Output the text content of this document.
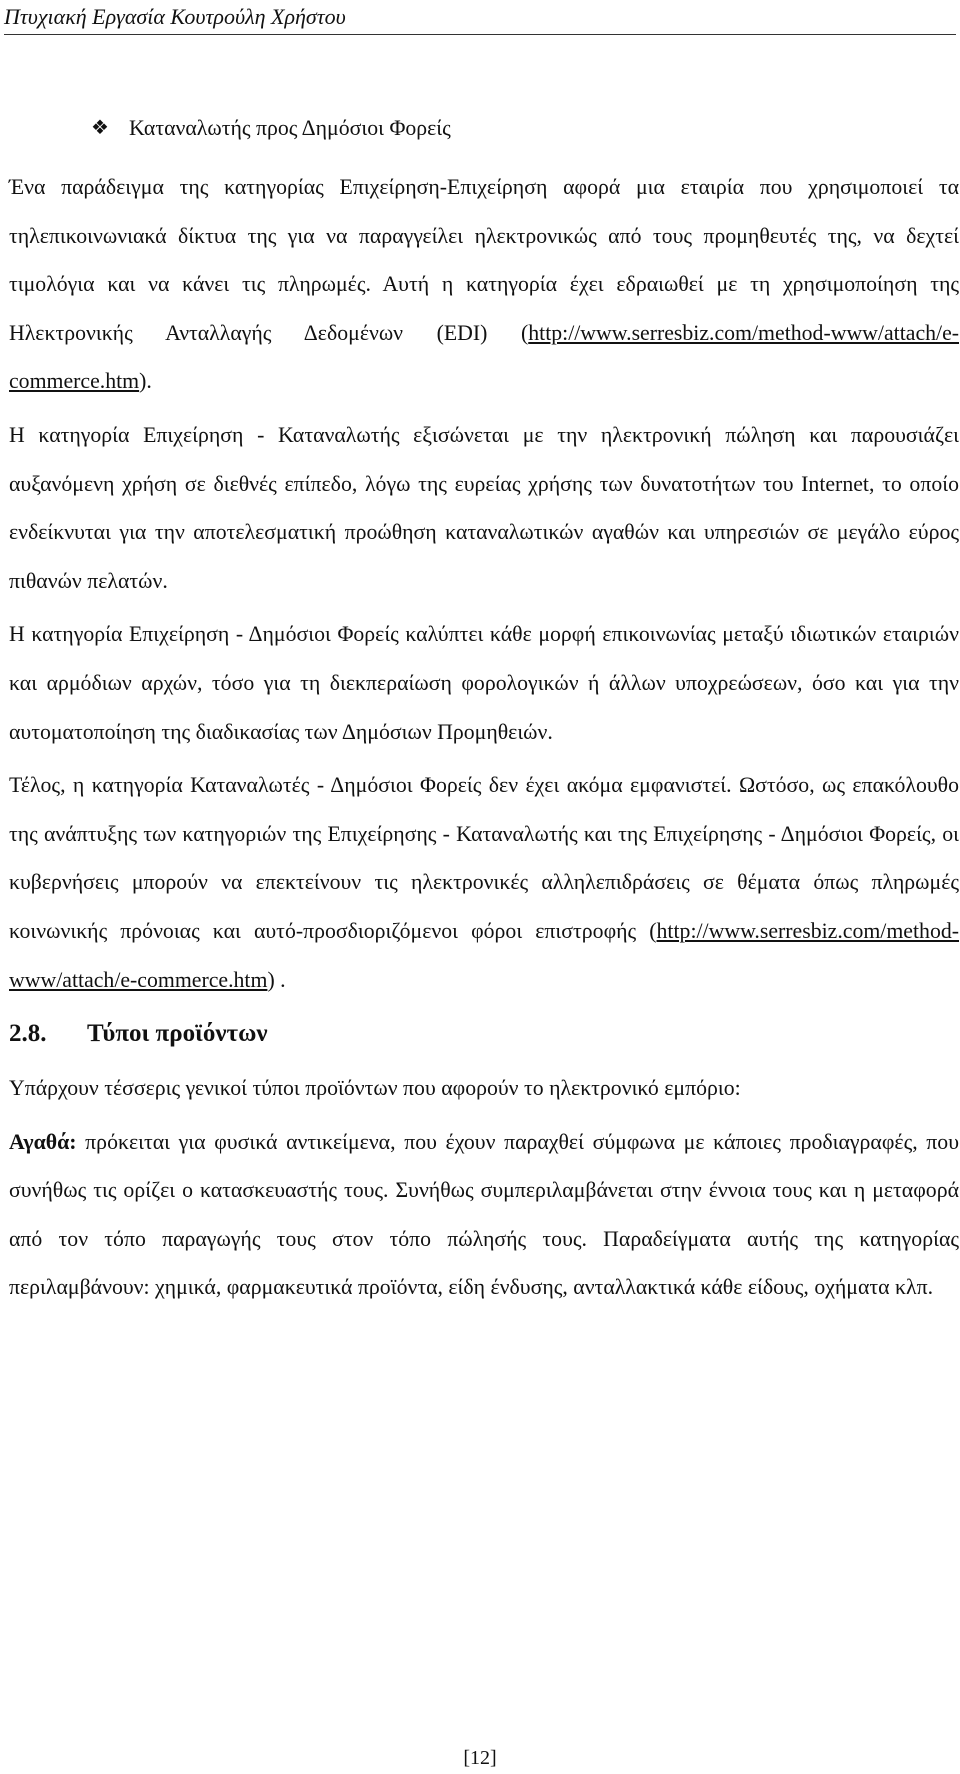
Πτυχιακή Εργασία Κουτρούλη Χρήστου
❖ Καταναλωτής προς Δημόσιοι Φορείς

Ένα παράδειγμα της κατηγορίας Επιχείρηση-Επιχείρηση αφορά μια εταιρία που χρησιμοποιεί τα τηλεπικοινωνιακά δίκτυα της για να παραγγείλει ηλεκτρονικώς από τους προμηθευτές της, να δεχτεί τιμολόγια και να κάνει τις πληρωμές. Αυτή η κατηγορία έχει εδραιωθεί με τη χρησιμοποίηση της Ηλεκτρονικής Ανταλλαγής Δεδομένων (EDI) (http://www.serresbiz.com/method-www/attach/e-commerce.htm).

Η κατηγορία Επιχείρηση - Καταναλωτής εξισώνεται με την ηλεκτρονική πώληση και παρουσιάζει αυξανόμενη χρήση σε διεθνές επίπεδο, λόγω της ευρείας χρήσης των δυνατοτήτων του Internet, το οποίο ενδείκνυται για την αποτελεσματική προώθηση καταναλωτικών αγαθών και υπηρεσιών σε μεγάλο εύρος πιθανών πελατών.

Η κατηγορία Επιχείρηση - Δημόσιοι Φορείς καλύπτει κάθε μορφή επικοινωνίας μεταξύ ιδιωτικών εταιριών και αρμόδιων αρχών, τόσο για τη διεκπεραίωση φορολογικών ή άλλων υποχρεώσεων, όσο και για την αυτοματοποίηση της διαδικασίας των Δημόσιων Προμηθειών.

Τέλος, η κατηγορία Καταναλωτές - Δημόσιοι Φορείς δεν έχει ακόμα εμφανιστεί. Ωστόσο, ως επακόλουθο της ανάπτυξης των κατηγοριών της Επιχείρησης - Καταναλωτής και της Επιχείρησης - Δημόσιοι Φορείς, οι κυβερνήσεις μπορούν να επεκτείνουν τις ηλεκτρονικές αλληλεπιδράσεις σε θέματα όπως πληρωμές κοινωνικής πρόνοιας και αυτό-προσδιοριζόμενοι φόροι επιστροφής (http://www.serresbiz.com/method-www/attach/e-commerce.htm) .

2.8.	Τύποι προϊόντων

Υπάρχουν τέσσερις γενικοί τύποι προϊόντων που αφορούν το ηλεκτρονικό εμπόριο:

Αγαθά: πρόκειται για φυσικά αντικείμενα, που έχουν παραχθεί σύμφωνα με κάποιες προδιαγραφές, που συνήθως τις ορίζει ο κατασκευαστής τους. Συνήθως συμπεριλαμβάνεται στην έννοια τους και η μεταφορά από τον τόπο παραγωγής τους στον τόπο πώλησής τους. Παραδείγματα αυτής της κατηγορίας περιλαμβάνουν: χημικά, φαρμακευτικά προϊόντα, είδη ένδυσης, ανταλλακτικά κάθε είδους, οχήματα κλπ.

[12]
